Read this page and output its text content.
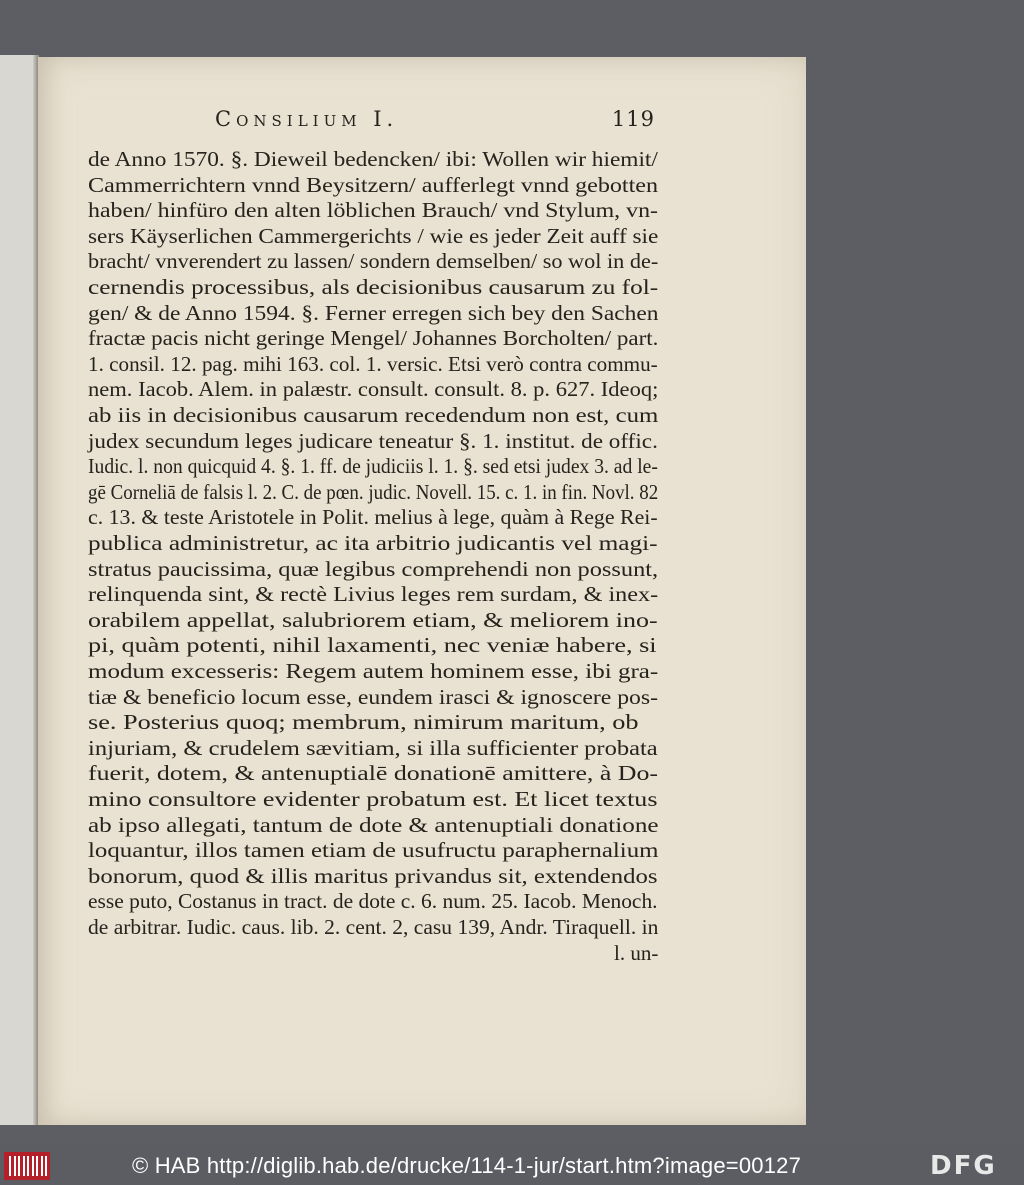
Consilium I.	119
de Anno 1570. §. Dieweil bedencken/ ibi: Wollen wir hiemit/
Cammerrichtern vnnd Beysitzern/ aufferlegt vnnd gebotten
haben/ hinfüro den alten löblichen Brauch/ vnd Stylum, vn-
sers Käyserlichen Cammergerichts / wie es jeder Zeit auff sie
bracht/ vnverendert zu lassen/ sondern demselben/ so wol in de-
cernendis processibus, als decisionibus causarum zu fol-
gen/ & de Anno 1594. §. Ferner erregen sich bey den Sachen
fractæ pacis nicht geringe Mengel/ Johannes Borcholten/ part.
1. consil. 12. pag. mihi 163. col. 1. versic. Etsi verò contra commu-
nem. Iacob. Alem. in palæstr. consult. consult. 8. p. 627. Ideoq;
ab iis in decisionibus causarum recedendum non est, cum
judex secundum leges judicare teneatur §. 1. institut. de offic.
Iudic. l. non quicquid 4. §. 1. ff. de judiciis l. 1. §. sed etsi judex 3. ad le-
gē Corneliā de falsis l. 2. C. de pœn. judic. Novell. 15. c. 1. in fin. Novl. 82
c. 13. & teste Aristotele in Polit. melius à lege, quàm à Rege Rei-
publica administretur, ac ita arbitrio judicantis vel magi-
stratus paucissima, quæ legibus comprehendi non possunt,
relinquenda sint, & rectè Livius leges rem surdam, & inex-
orabilem appellat, salubriorem etiam, & meliorem ino-
pi, quàm potenti, nihil laxamenti, nec veniæ habere, si
modum excesseris: Regem autem hominem esse, ibi gra-
tiæ & beneficio locum esse, eundem irasci & ignoscere pos-
se. Posterius quoq; membrum, nimirum maritum, ob
injuriam, & crudelem sævitiam, si illa sufficienter probata
fuerit, dotem, & antenuptialē donationē amittere, à Do-
mino consultore evidenter probatum est. Et licet textus
ab ipso allegati, tantum de dote & antenuptiali donatione
loquantur, illos tamen etiam de usufructu paraphernalium
bonorum, quod & illis maritus privandus sit, extendendos
esse puto, Costanus in tract. de dote c. 6. num. 25. Iacob. Menoch.
de arbitrar. Iudic. caus. lib. 2. cent. 2, casu 139, Andr. Tiraquell. in
l. un-
© HAB http://diglib.hab.de/drucke/114-1-jur/start.htm?image=00127	DFG
